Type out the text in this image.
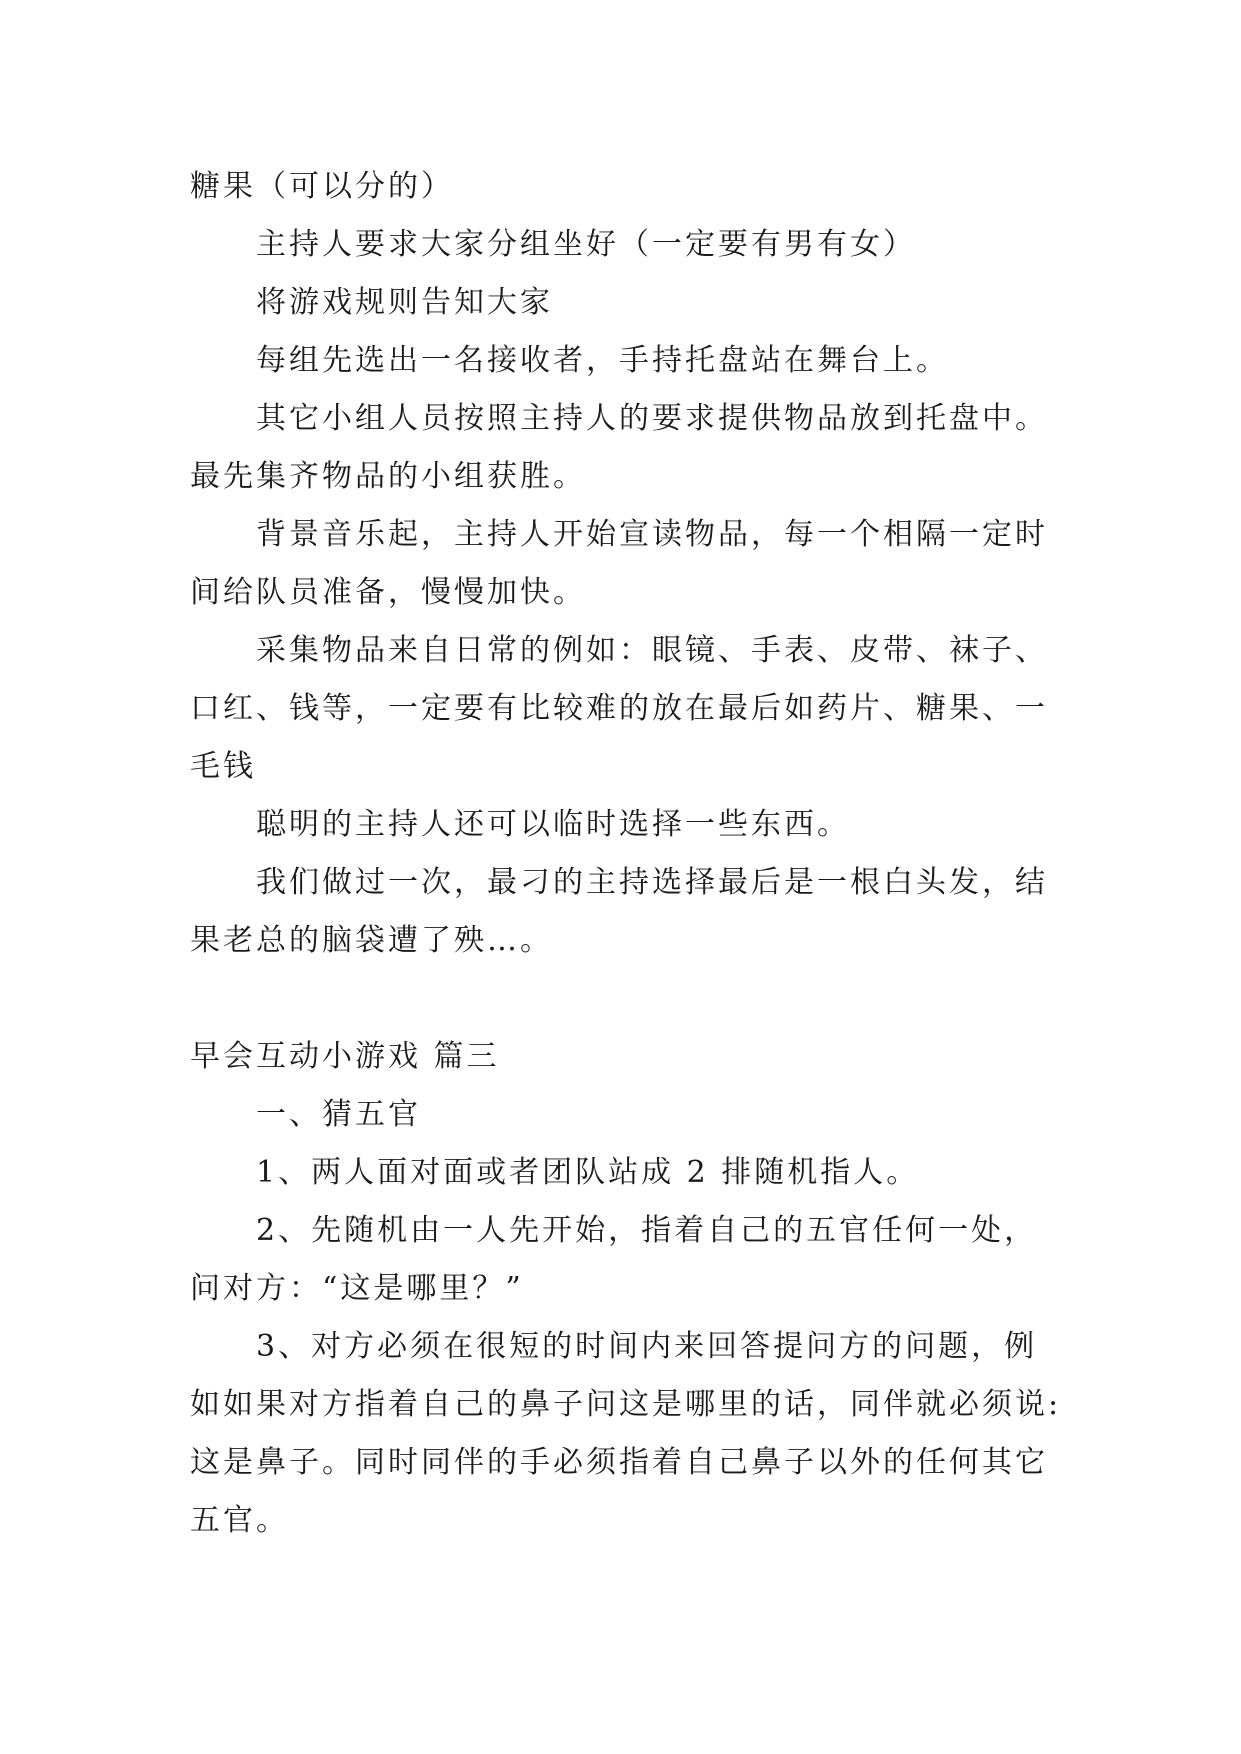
糖果（可以分的）

主持人要求大家分组坐好（一定要有男有女）

将游戏规则告知大家

每组先选出一名接收者，手持托盘站在舞台上。

其它小组人员按照主持人的要求提供物品放到托盘中。最先集齐物品的小组获胜。

背景音乐起，主持人开始宣读物品，每一个相隔一定时间给队员准备，慢慢加快。

采集物品来自日常的例如：眼镜、手表、皮带、袜子、口红、钱等，一定要有比较难的放在最后如药片、糖果、一毛钱

聪明的主持人还可以临时选择一些东西。

我们做过一次，最刁的主持选择最后是一根白头发，结果老总的脑袋遭了殃…。

早会互动小游戏 篇三

一、猜五官

1、两人面对面或者团队站成 2 排随机指人。

2、先随机由一人先开始，指着自己的五官任何一处，问对方：“这是哪里？”

3、对方必须在很短的时间内来回答提问方的问题，例如如果对方指着自己的鼻子问这是哪里的话，同伴就必须说:这是鼻子。同时同伴的手必须指着自己鼻子以外的任何其它五官。
